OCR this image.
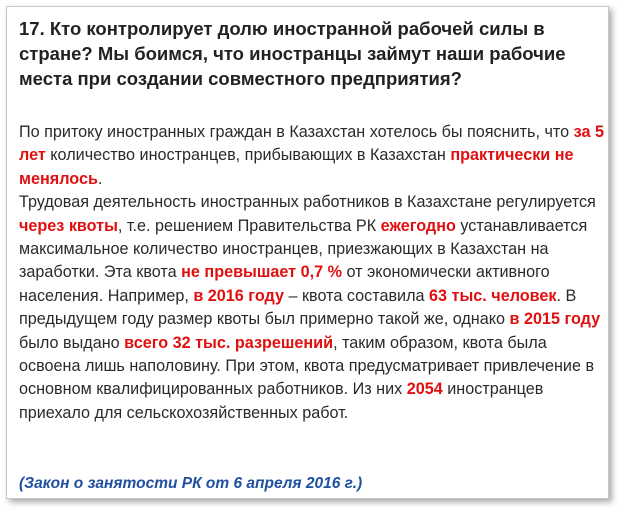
17. Кто контролирует долю иностранной рабочей силы в стране? Мы боимся, что иностранцы займут наши рабочие места при создании совместного предприятия?
По притоку иностранных граждан в Казахстан хотелось бы пояснить, что за 5 лет количество иностранцев, прибывающих в Казахстан практически не менялось.
Трудовая деятельность иностранных работников в Казахстане регулируется через квоты, т.е. решением Правительства РК ежегодно устанавливается максимальное количество иностранцев, приезжающих в Казахстан на заработки. Эта квота не превышает 0,7 % от экономически активного населения. Например, в 2016 году – квота составила 63 тыс. человек. В предыдущем году размер квоты был примерно такой же, однако в 2015 году было выдано всего 32 тыс. разрешений, таким образом, квота была освоена лишь наполовину. При этом, квота предусматривает привлечение в основном квалифицированных работников. Из них 2054 иностранцев приехало для сельскохозяйственных работ.
(Закон о занятости РК от 6 апреля 2016 г.)
